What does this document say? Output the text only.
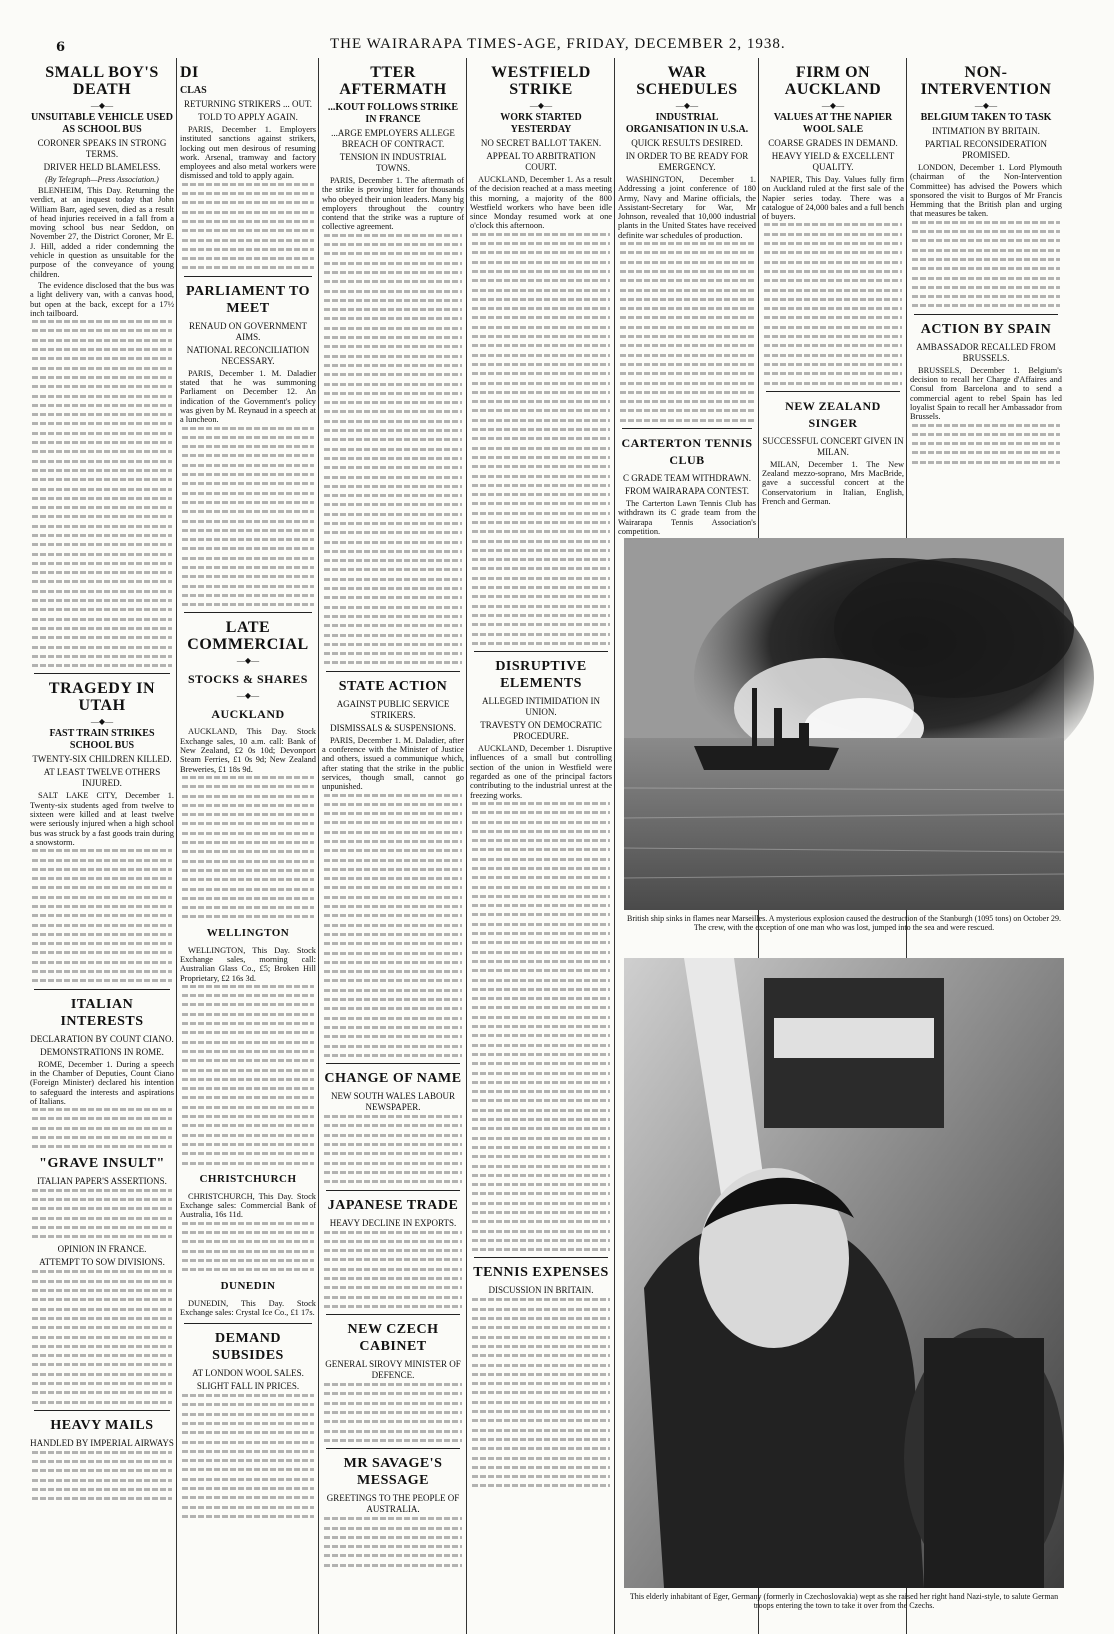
6	THE WAIRARAPA TIMES-AGE, FRIDAY, DECEMBER 2, 1938.
SMALL BOY'S DEATH
—◆—
UNSUITABLE VEHICLE USED AS SCHOOL BUS
CORONER SPEAKS IN STRONG TERMS.
DRIVER HELD BLAMELESS.
(By Telegraph—Press Association.)

BLENHEIM, This Day. Returning the verdict, at an inquest today that John William Barr, aged seven, died as a result of head injuries received in a fall from a moving school bus near Seddon, on November 27, the District Coroner, Mr E. J. Hill, added a rider condemning the vehicle in question as unsuitable for the purpose of the conveyance of young children.

The evidence disclosed that the bus was a light delivery van, with a canvas hood, but open at the back, except for a 17½ inch tailboard.

TRAGEDY IN UTAH
—◆—
FAST TRAIN STRIKES SCHOOL BUS
TWENTY-SIX CHILDREN KILLED.
AT LEAST TWELVE OTHERS INJURED.

SALT LAKE CITY, December 1. Twenty-six students aged from twelve to sixteen were killed and at least twelve were seriously injured when a high school bus was struck by a fast goods train during a snowstorm.

ITALIAN INTERESTS
DECLARATION BY COUNT CIANO.
DEMONSTRATIONS IN ROME.

ROME, December 1. During a speech in the Chamber of Deputies, Count Ciano (Foreign Minister) declared his intention to safeguard the interests and aspirations of Italians.

"GRAVE INSULT"
ITALIAN PAPER'S ASSERTIONS.
OPINION IN FRANCE.
ATTEMPT TO SOW DIVISIONS.
HEAVY MAILS
HANDLED BY IMPERIAL AIRWAYS
DI
CLAS
RETURNING STRIKERS ... OUT.
TOLD TO APPLY AGAIN.

PARIS, December 1. Employers instituted sanctions against strikers, locking out men desirous of resuming work. Arsenal, tramway and factory employees and also metal workers were dismissed and told to apply again.

PARLIAMENT TO MEET
RENAUD ON GOVERNMENT AIMS.
NATIONAL RECONCILIATION NECESSARY.

PARIS, December 1. M. Daladier stated that he was summoning Parliament on December 12. An indication of the Government's policy was given by M. Reynaud in a speech at a luncheon.

LATE COMMERCIAL
—◆—
STOCKS & SHARES
—◆—
AUCKLAND

AUCKLAND, This Day. Stock Exchange sales, 10 a.m. call: Bank of New Zealand, £2 0s 10d; Devonport Steam Ferries, £1 0s 9d; New Zealand Breweries, £1 18s 9d.

WELLINGTON

WELLINGTON, This Day. Stock Exchange sales, morning call: Australian Glass Co., £5; Broken Hill Proprietary, £2 16s 3d.

CHRISTCHURCH

CHRISTCHURCH, This Day. Stock Exchange sales: Commercial Bank of Australia, 16s 11d.

DUNEDIN

DUNEDIN, This Day. Stock Exchange sales: Crystal Ice Co., £1 17s.

DEMAND SUBSIDES
AT LONDON WOOL SALES.
SLIGHT FALL IN PRICES.
TTER AFTERMATH
...KOUT FOLLOWS STRIKE IN FRANCE
...ARGE EMPLOYERS ALLEGE BREACH OF CONTRACT.
TENSION IN INDUSTRIAL TOWNS.

PARIS, December 1. The aftermath of the strike is proving bitter for thousands who obeyed their union leaders. Many big employers throughout the country contend that the strike was a rupture of collective agreement.

STATE ACTION
AGAINST PUBLIC SERVICE STRIKERS.
DISMISSALS & SUSPENSIONS.

PARIS, December 1. M. Daladier, after a conference with the Minister of Justice and others, issued a communique which, after stating that the strike in the public services, though small, cannot go unpunished.

CHANGE OF NAME
NEW SOUTH WALES LABOUR NEWSPAPER.
JAPANESE TRADE
HEAVY DECLINE IN EXPORTS.
NEW CZECH CABINET
GENERAL SIROVY MINISTER OF DEFENCE.
MR SAVAGE'S MESSAGE
GREETINGS TO THE PEOPLE OF AUSTRALIA.
WESTFIELD STRIKE
—◆—
WORK STARTED YESTERDAY
NO SECRET BALLOT TAKEN.
APPEAL TO ARBITRATION COURT.

AUCKLAND, December 1. As a result of the decision reached at a mass meeting this morning, a majority of the 800 Westfield workers who have been idle since Monday resumed work at one o'clock this afternoon.

DISRUPTIVE ELEMENTS
ALLEGED INTIMIDATION IN UNION.
TRAVESTY ON DEMOCRATIC PROCEDURE.

AUCKLAND, December 1. Disruptive influences of a small but controlling section of the union in Westfield were regarded as one of the principal factors contributing to the industrial unrest at the freezing works.

TENNIS EXPENSES
DISCUSSION IN BRITAIN.
WAR SCHEDULES
—◆—
INDUSTRIAL ORGANISATION IN U.S.A.
QUICK RESULTS DESIRED.
IN ORDER TO BE READY FOR EMERGENCY.

WASHINGTON, December 1. Addressing a joint conference of 180 Army, Navy and Marine officials, the Assistant-Secretary for War, Mr Johnson, revealed that 10,000 industrial plants in the United States have received definite war schedules of production.

CARTERTON TENNIS CLUB
C GRADE TEAM WITHDRAWN.
FROM WAIRARAPA CONTEST.

The Carterton Lawn Tennis Club has withdrawn its C grade team from the Wairarapa Tennis Association's competition.

FIRM ON AUCKLAND
—◆—
VALUES AT THE NAPIER WOOL SALE
COARSE GRADES IN DEMAND.
HEAVY YIELD & EXCELLENT QUALITY.

NAPIER, This Day. Values fully firm on Auckland ruled at the first sale of the Napier series today. There was a catalogue of 24,000 bales and a full bench of buyers.

NEW ZEALAND SINGER
SUCCESSFUL CONCERT GIVEN IN MILAN.

MILAN, December 1. The New Zealand mezzo-soprano, Mrs MacBride, gave a successful concert at the Conservatorium in Italian, English, French and German.

NON-INTERVENTION
—◆—
BELGIUM TAKEN TO TASK
INTIMATION BY BRITAIN.
PARTIAL RECONSIDERATION PROMISED.

LONDON, December 1. Lord Plymouth (chairman of the Non-Intervention Committee) has advised the Powers which sponsored the visit to Burgos of Mr Francis Hemming that the British plan and urging that measures be taken.

ACTION BY SPAIN
AMBASSADOR RECALLED FROM BRUSSELS.

BRUSSELS, December 1. Belgium's decision to recall her Charge d'Affaires and Consul from Barcelona and to send a commercial agent to rebel Spain has led loyalist Spain to recall her Ambassador from Brussels.

British ship sinks in flames near Marseilles. A mysterious explosion caused the destruction of the Stanburgh (1095 tons) on October 29. The crew, with the exception of one man who was lost, jumped into the sea and were rescued.
This elderly inhabitant of Eger, Germany (formerly in Czechoslovakia) wept as she raised her right hand Nazi-style, to salute German troops entering the town to take it over from the Czechs.
